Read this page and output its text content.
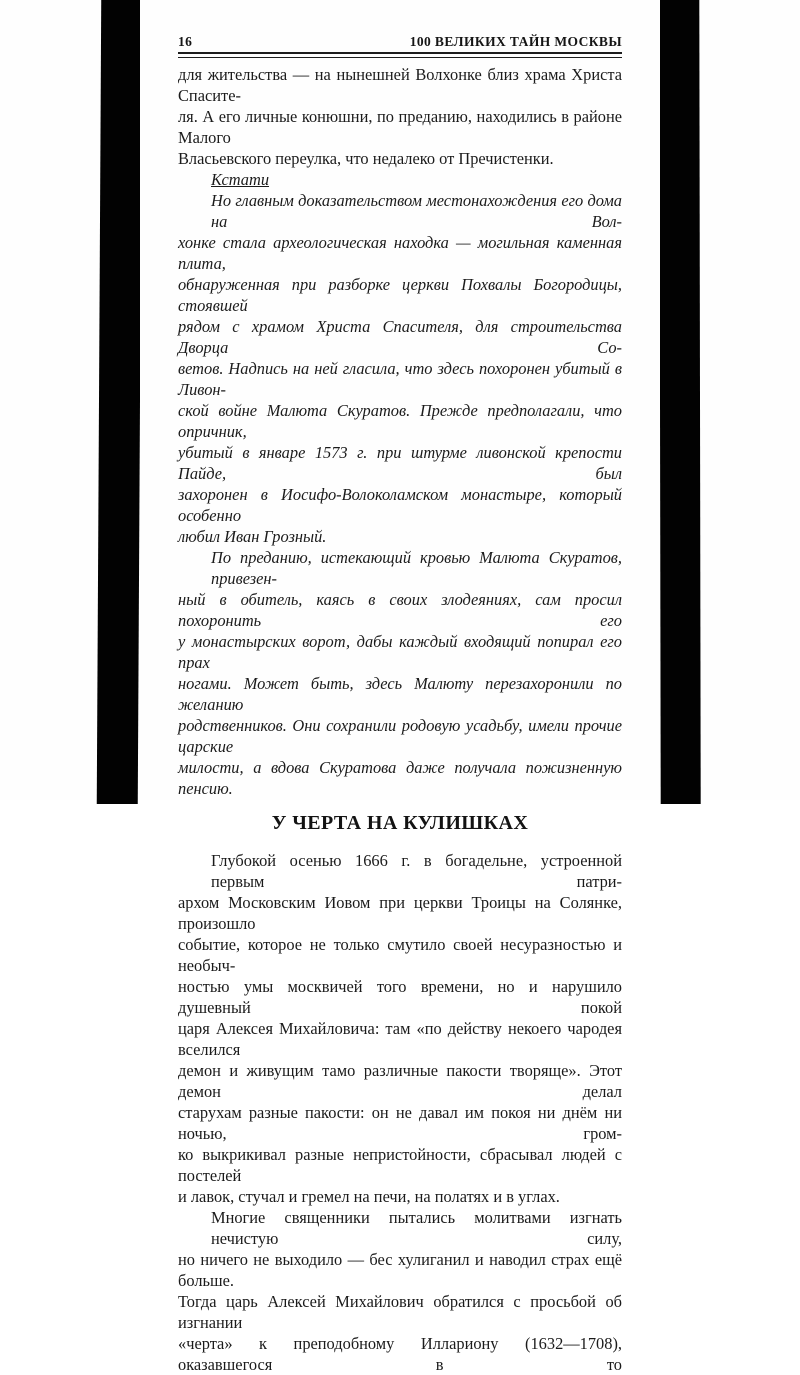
16	100 ВЕЛИКИХ ТАЙН МОСКВЫ
для жительства — на нынешней Волхонке близ храма Христа Спасите-
ля. А его личные конюшни, по преданию, находились в районе Малого
Власьевского переулка, что недалеко от Пречистенки.
Кстати
Но главным доказательством местонахождения его дома на Вол-
хонке стала археологическая находка — могильная каменная плита,
обнаруженная при разборке церкви Похвалы Богородицы, стоявшей
рядом с храмом Христа Спасителя, для строительства Дворца Со-
ветов. Надпись на ней гласила, что здесь похоронен убитый в Ливон-
ской войне Малюта Скуратов. Прежде предполагали, что опричник,
убитый в январе 1573 г. при штурме ливонской крепости Пайде, был
захоронен в Иосифо-Волоколамском монастыре, который особенно
любил Иван Грозный.
По преданию, истекающий кровью Малюта Скуратов, привезен-
ный в обитель, каясь в своих злодеяниях, сам просил похоронить его
у монастырских ворот, дабы каждый входящий попирал его прах
ногами. Может быть, здесь Малюту перезахоронили по желанию
родственников. Они сохранили родовую усадьбу, имели прочие царские
милости, а вдова Скуратова даже получала пожизненную пенсию.
У ЧЕРТА НА КУЛИШКАХ
Глубокой осенью 1666 г. в богадельне, устроенной первым патри-
архом Московским Иовом при церкви Троицы на Солянке, произошло
событие, которое не только смутило своей несуразностью и необыч-
ностью умы москвичей того времени, но и нарушило душевный покой
царя Алексея Михайловича: там «по действу некоего чародея вселился
демон и живущим тамо различные пакости творяще». Этот демон делал
старухам разные пакости: он не давал им покоя ни днём ни ночью, гром-
ко выкрикивал разные непристойности, сбрасывал людей с постелей
и лавок, стучал и гремел на печи, на полатях и в углах.
Многие священники пытались молитвами изгнать нечистую силу,
но ничего не выходило — бес хулиганил и наводил страх ещё больше.
Тогда царь Алексей Михайлович обратился с просьбой об изгнании
«черта» к преподобному Иллариону (1632—1708), оказавшегося в то
